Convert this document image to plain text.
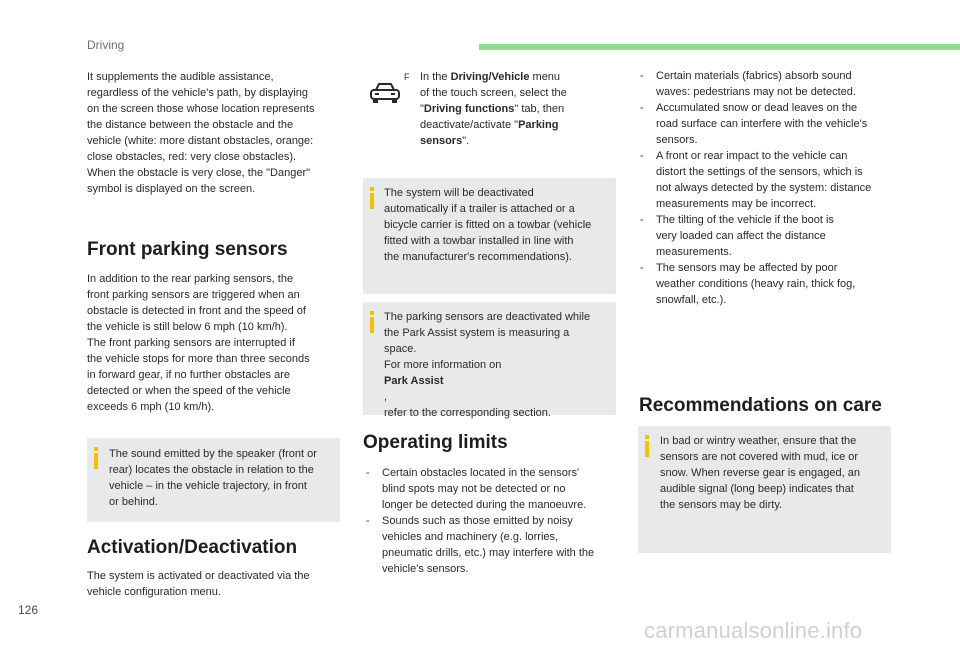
Driving
It supplements the audible assistance,
regardless of the vehicle's path, by displaying
on the screen those whose location represents
the distance between the obstacle and the
vehicle (white: more distant obstacles, orange:
close obstacles, red: very close obstacles).
When the obstacle is very close, the "Danger"
symbol is displayed on the screen.
Front parking sensors
In addition to the rear parking sensors, the
front parking sensors are triggered when an
obstacle is detected in front and the speed of
the vehicle is still below 6 mph (10 km/h).
The front parking sensors are interrupted if
the vehicle stops for more than three seconds
in forward gear, if no further obstacles are
detected or when the speed of the vehicle
exceeds 6 mph (10 km/h).
The sound emitted by the speaker (front or
rear) locates the obstacle in relation to the
vehicle – in the vehicle trajectory, in front
or behind.
Activation/Deactivation
The system is activated or deactivated via the
vehicle configuration menu.
F In the Driving/Vehicle menu
of the touch screen, select the
"Driving functions" tab, then
deactivate/activate "Parking
sensors".
The system will be deactivated
automatically if a trailer is attached or a
bicycle carrier is fitted on a towbar (vehicle
fitted with a towbar installed in line with
the manufacturer's recommendations).
The parking sensors are deactivated while
the Park Assist system is measuring a
space.
For more information on
Park Assist
,
refer to the corresponding section.
Operating limits
- Certain obstacles located in the sensors'
blind spots may not be detected or no
longer be detected during the manoeuvre.
- Sounds such as those emitted by noisy
vehicles and machinery (e.g. lorries,
pneumatic drills, etc.) may interfere with the
vehicle's sensors.
- Certain materials (fabrics) absorb sound
waves: pedestrians may not be detected.
- Accumulated snow or dead leaves on the
road surface can interfere with the vehicle's
sensors.
- A front or rear impact to the vehicle can
distort the settings of the sensors, which is
not always detected by the system: distance
measurements may be incorrect.
- The tilting of the vehicle if the boot is
very loaded can affect the distance
measurements.
- The sensors may be affected by poor
weather conditions (heavy rain, thick fog,
snowfall, etc.).
Recommendations on care
In bad or wintry weather, ensure that the
sensors are not covered with mud, ice or
snow. When reverse gear is engaged, an
audible signal (long beep) indicates that
the sensors may be dirty.
126
carmanualsonline.info
